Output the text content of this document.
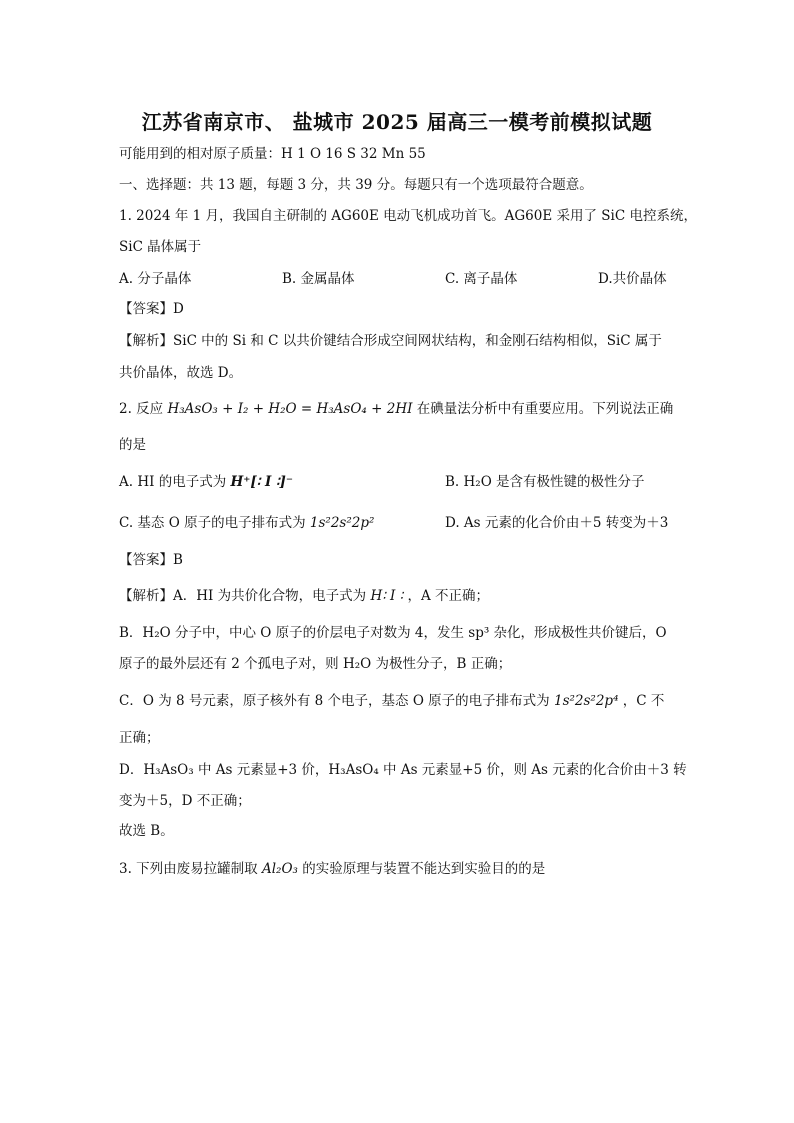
江苏省南京市、 盐城市 2025 届高三一模考前模拟试题
可能用到的相对原子质量：H 1 O 16 S 32 Mn 55
一、选择题：共 13 题，每题 3 分，共 39 分。每题只有一个选项最符合题意。
1. 2024 年 1 月，我国自主研制的 AG60E 电动飞机成功首飞。AG60E 采用了 SiC 电控系统，
SiC 晶体属于
A. 分子晶体	B. 金属晶体	C. 离子晶体	D.共价晶体
【答案】D
【解析】SiC 中的 Si 和 C 以共价键结合形成空间网状结构，和金刚石结构相似，SiC 属于
共价晶体，故选 D。
2. 反应 H₃AsO₃ + I₂ + H₂O = H₃AsO₄ + 2HI 在碘量法分析中有重要应用。下列说法正确
的是
A. HI 的电子式为 H⁺[∶ I ∶]⁻	B. H₂O 是含有极性键的极性分子
C. 基态 O 原子的电子排布式为 1s²2s²2p²	D. As 元素的化合价由＋5 转变为＋3
【答案】B
【解析】A．HI 为共价化合物，电子式为 H∶ I ∶ ，A 不正确；
B．H₂O 分子中，中心 O 原子的价层电子对数为 4，发生 sp³ 杂化，形成极性共价键后，O
原子的最外层还有 2 个孤电子对，则 H₂O 为极性分子，B 正确；
C．O 为 8 号元素，原子核外有 8 个电子，基态 O 原子的电子排布式为 1s²2s²2p⁴ ，C 不
正确；
D．H₃AsO₃ 中 As 元素显+3 价，H₃AsO₄ 中 As 元素显+5 价，则 As 元素的化合价由＋3 转
变为＋5，D 不正确；
故选 B。
3. 下列由废易拉罐制取 Al₂O₃ 的实验原理与装置不能达到实验目的的是
